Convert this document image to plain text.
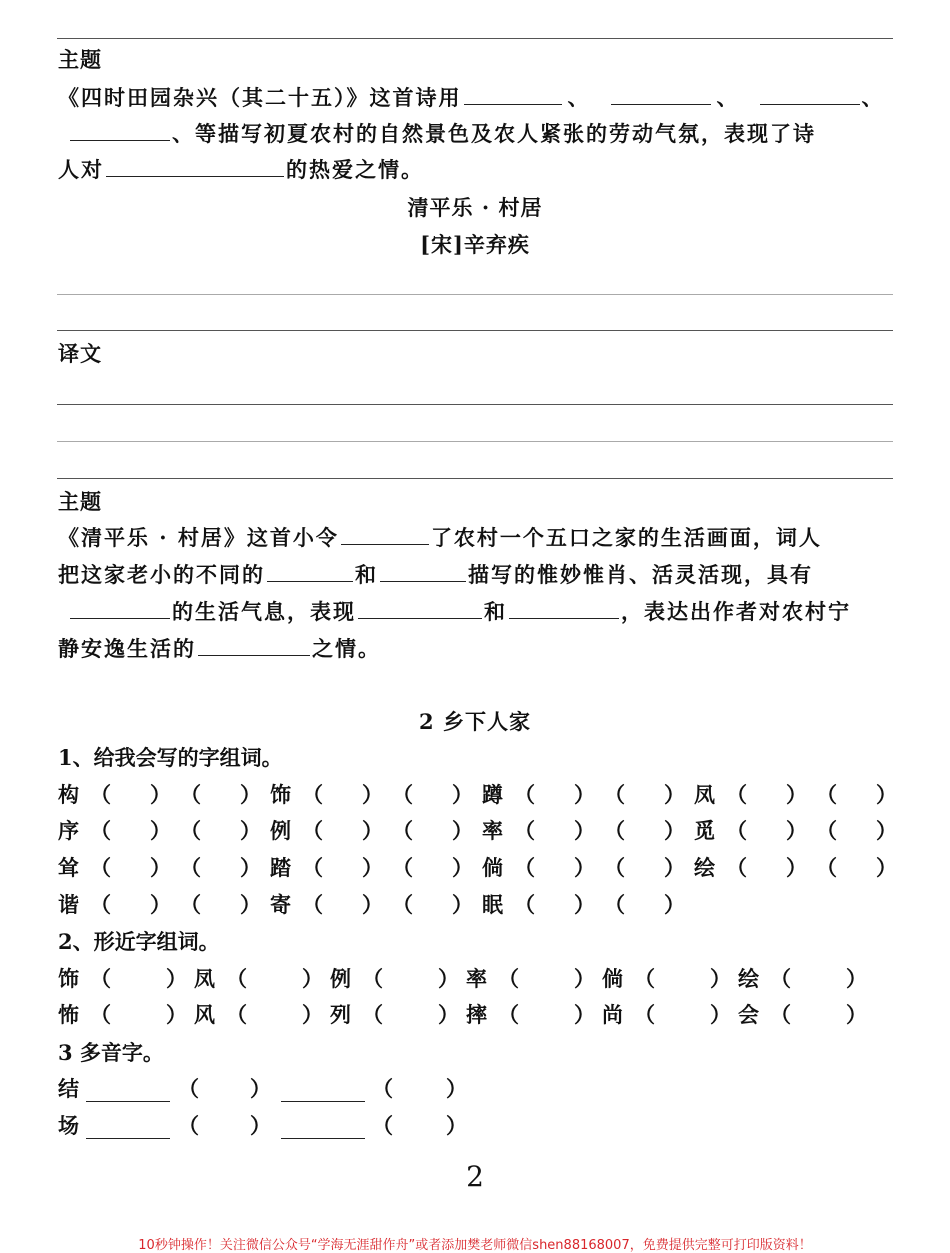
主题
《四时田园杂兴（其二十五）》这首诗用	、	、	、
、等描写初夏农村的自然景色及农人紧张的劳动气氛，表现了诗
人对	的热爱之情。
清平乐 · 村居
[宋]辛弃疾
译文
主题
《清平乐 · 村居》这首小令	了农村一个五口之家的生活画面，词人
把这家老小的不同的	和	描写的惟妙惟肖、活灵活现，具有
的生活气息，表现	和	，表达出作者对农村宁
静安逸生活的	之情。
2 乡下人家
1、给我会写的字组词。
构 （ ） （ ） 饰 （ ） （ ） 蹲 （ ） （ ） 凤 （ ） （ ）
序 （ ） （ ） 例 （ ） （ ） 率 （ ） （ ） 觅 （ ） （ ）
耸 （ ） （ ） 踏 （ ） （ ） 倘 （ ） （ ） 绘 （ ） （ ）
谐 （ ） （ ） 寄 （ ） （ ） 眠 （ ） （ ）
2、形近字组词。
饰 （	） 凤 （	） 例 （	） 率 （	） 倘 （	） 绘 （	）
怖 （	） 风 （	） 列 （	） 摔 （	） 尚 （	） 会 （	）
3 多音字。
结	（ ）	（	）
场	（ ）	（	）
2
10秒钟操作！关注微信公众号“学海无涯甜作舟”或者添加樊老师微信shen88168007，免费提供完整可打印版资料！
